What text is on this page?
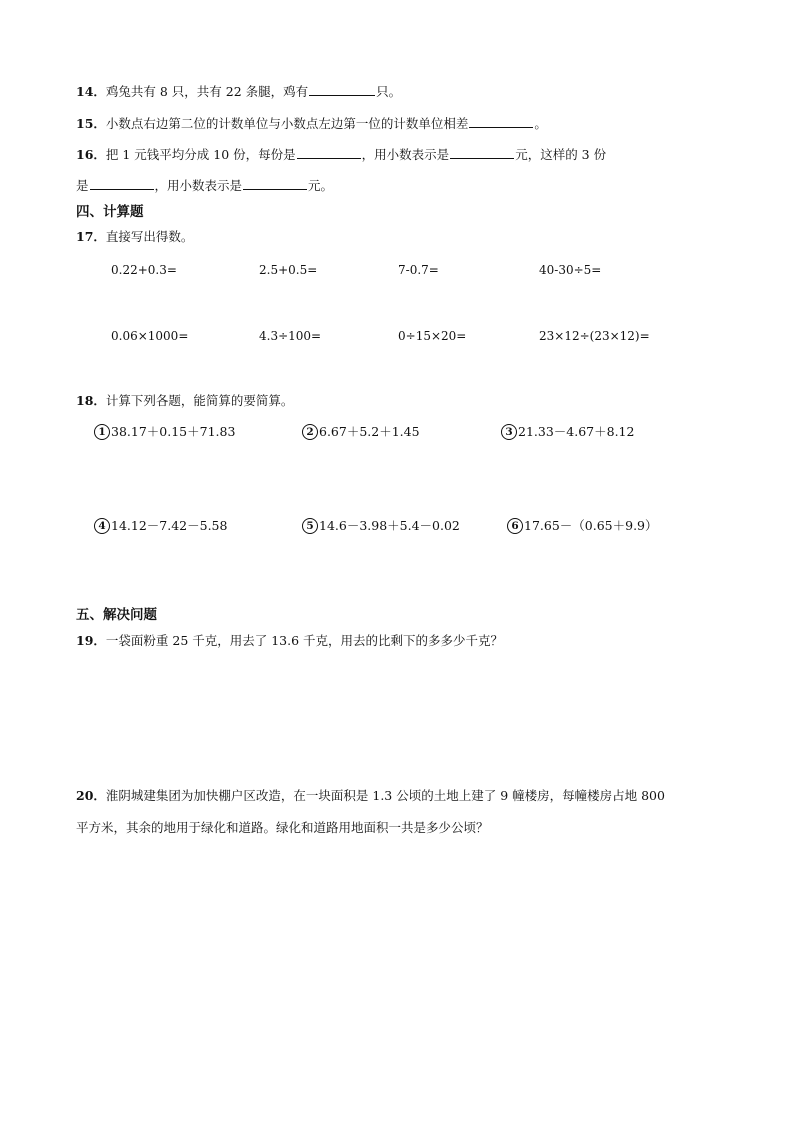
14．鸡兔共有 8 只，共有 22 条腿，鸡有	只。
15．小数点右边第二位的计数单位与小数点左边第一位的计数单位相差	。
16．把 1 元钱平均分成 10 份，每份是	，用小数表示是	元，这样的 3 份
是	，用小数表示是	元。
四、计算题
17．直接写出得数。
0.22+0.3=	2.5+0.5=	7-0.7=	40-30÷5=
0.06×1000=	4.3÷100=	0÷15×20=	23×12÷(23×12)=
18．计算下列各题，能简算的要简算。
1 38.17＋0.15＋71.83	2 6.67＋5.2＋1.45	3 21.33－4.67＋8.12
4 14.12－7.42－5.58	5 14.6－3.98＋5.4－0.02	6 17.65－（0.65＋9.9）
五、解决问题
19．一袋面粉重 25 千克，用去了 13.6 千克，用去的比剩下的多多少千克？
20．淮阴城建集团为加快棚户区改造，在一块面积是 1.3 公顷的土地上建了 9 幢楼房，每幢楼房占地 800
平方米，其余的地用于绿化和道路。绿化和道路用地面积一共是多少公顷？
